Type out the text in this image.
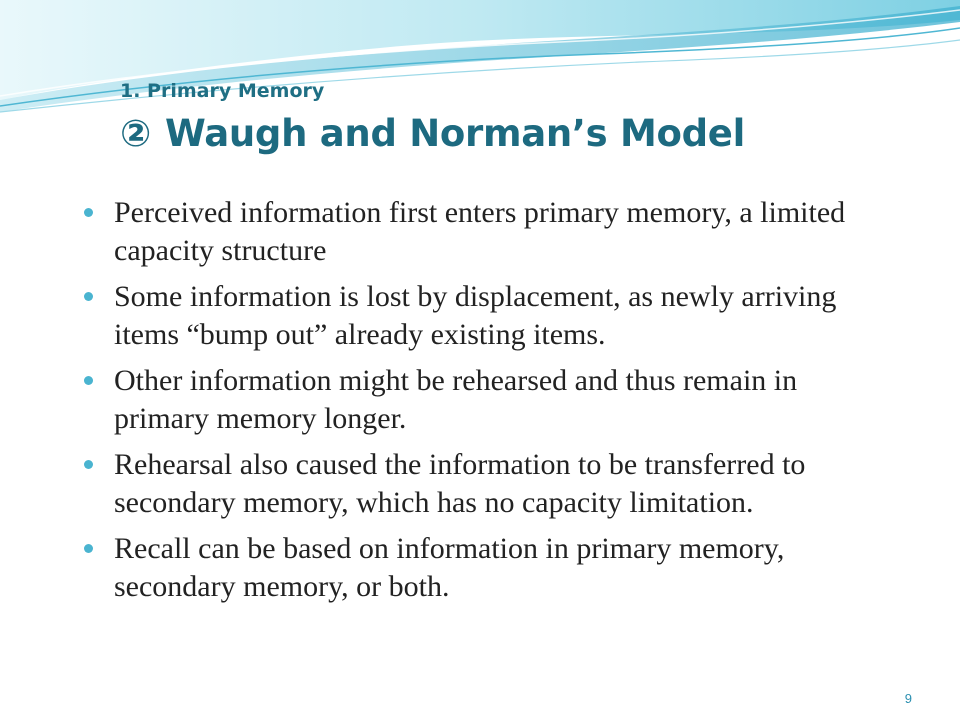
1. Primary Memory
② Waugh and Norman’s Model
Perceived information first enters primary memory, a limited capacity structure
Some information is lost by displacement, as newly arriving items “bump out” already existing items.
Other information might be rehearsed and thus remain in primary memory longer.
Rehearsal also caused the information to be transferred to secondary memory, which has no capacity limitation.
Recall can be based on information in primary memory, secondary memory, or both.
9
